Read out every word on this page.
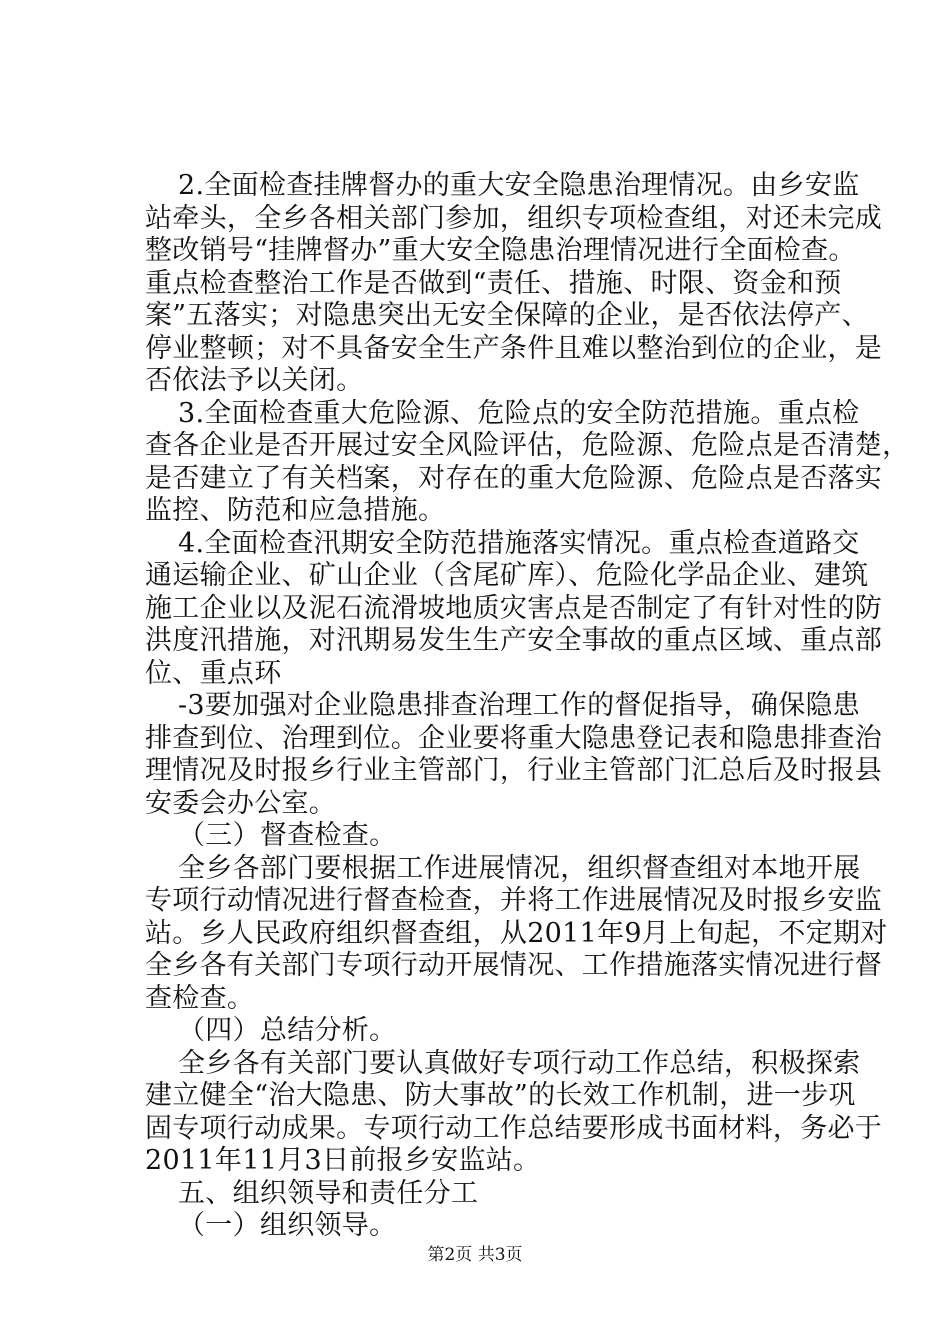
2.全面检查挂牌督办的重大安全隐患治理情况。由乡安监
站牵头，全乡各相关部门参加，组织专项检查组，对还未完成
整改销号“挂牌督办”重大安全隐患治理情况进行全面检查。
重点检查整治工作是否做到“责任、措施、时限、资金和预
案”五落实；对隐患突出无安全保障的企业，是否依法停产、
停业整顿；对不具备安全生产条件且难以整治到位的企业，是
否依法予以关闭。
3.全面检查重大危险源、危险点的安全防范措施。重点检
查各企业是否开展过安全风险评估，危险源、危险点是否清楚，
是否建立了有关档案，对存在的重大危险源、危险点是否落实
监控、防范和应急措施。
4.全面检查汛期安全防范措施落实情况。重点检查道路交
通运输企业、矿山企业（含尾矿库）、危险化学品企业、建筑
施工企业以及泥石流滑坡地质灾害点是否制定了有针对性的防
洪度汛措施，对汛期易发生生产安全事故的重点区域、重点部
位、重点环
-3要加强对企业隐患排查治理工作的督促指导，确保隐患
排查到位、治理到位。企业要将重大隐患登记表和隐患排查治
理情况及时报乡行业主管部门，行业主管部门汇总后及时报县
安委会办公室。
（三）督查检查。
全乡各部门要根据工作进展情况，组织督查组对本地开展
专项行动情况进行督查检查，并将工作进展情况及时报乡安监
站。乡人民政府组织督查组，从2011年9月上旬起，不定期对
全乡各有关部门专项行动开展情况、工作措施落实情况进行督
查检查。
（四）总结分析。
全乡各有关部门要认真做好专项行动工作总结，积极探索
建立健全“治大隐患、防大事故”的长效工作机制，进一步巩
固专项行动成果。专项行动工作总结要形成书面材料，务必于
2011年11月3日前报乡安监站。
五、组织领导和责任分工
（一）组织领导。
第2页 共3页
